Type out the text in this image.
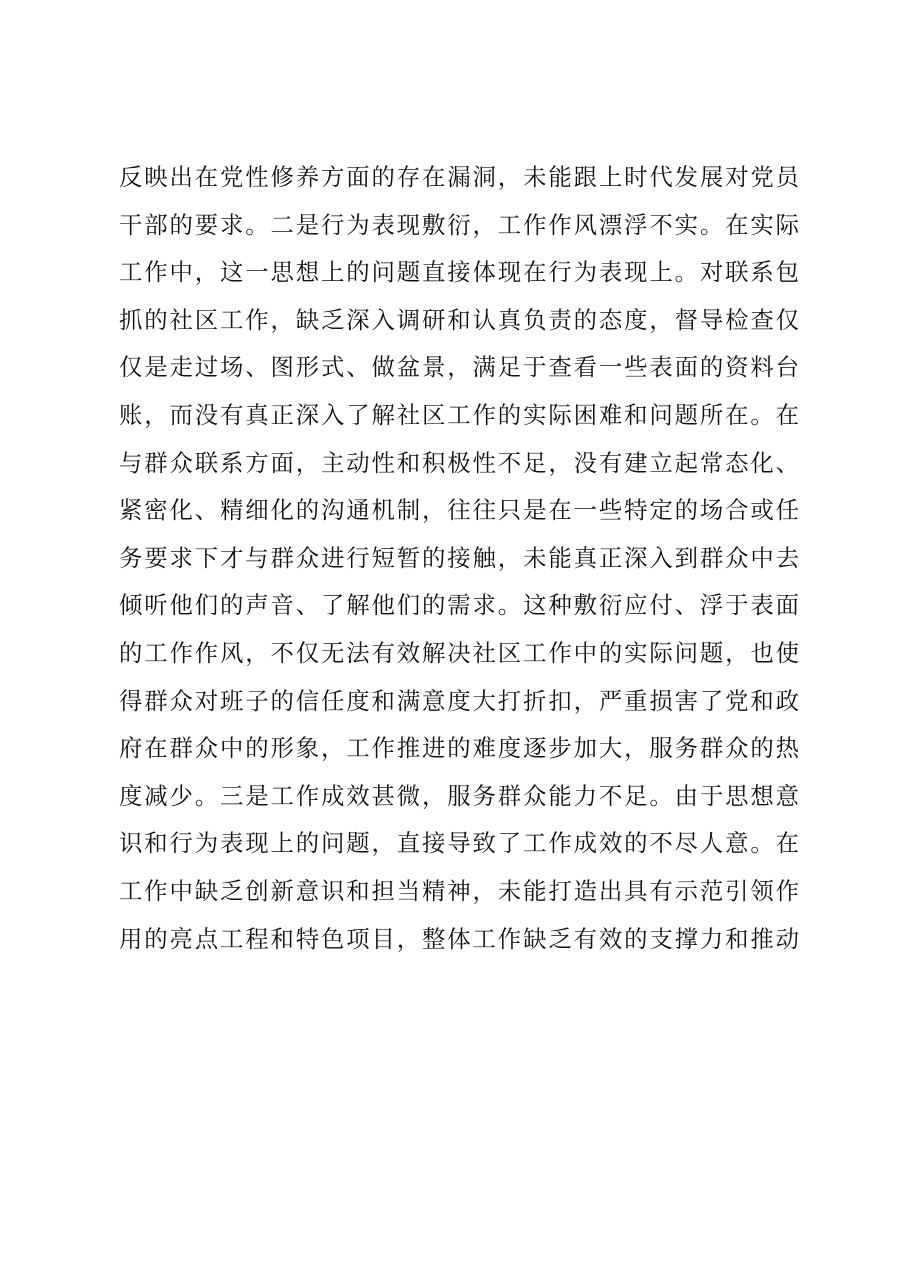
反映出在党性修养方面的存在漏洞，未能跟上时代发展对党员
干部的要求。二是行为表现敷衍，工作作风漂浮不实。在实际
工作中，这一思想上的问题直接体现在行为表现上。对联系包
抓的社区工作，缺乏深入调研和认真负责的态度，督导检查仅
仅是走过场、图形式、做盆景，满足于查看一些表面的资料台
账，而没有真正深入了解社区工作的实际困难和问题所在。在
与群众联系方面，主动性和积极性不足，没有建立起常态化、
紧密化、精细化的沟通机制，往往只是在一些特定的场合或任
务要求下才与群众进行短暂的接触，未能真正深入到群众中去
倾听他们的声音、了解他们的需求。这种敷衍应付、浮于表面
的工作作风，不仅无法有效解决社区工作中的实际问题，也使
得群众对班子的信任度和满意度大打折扣，严重损害了党和政
府在群众中的形象，工作推进的难度逐步加大，服务群众的热
度减少。三是工作成效甚微，服务群众能力不足。由于思想意
识和行为表现上的问题，直接导致了工作成效的不尽人意。在
工作中缺乏创新意识和担当精神，未能打造出具有示范引领作
用的亮点工程和特色项目，整体工作缺乏有效的支撑力和推动
